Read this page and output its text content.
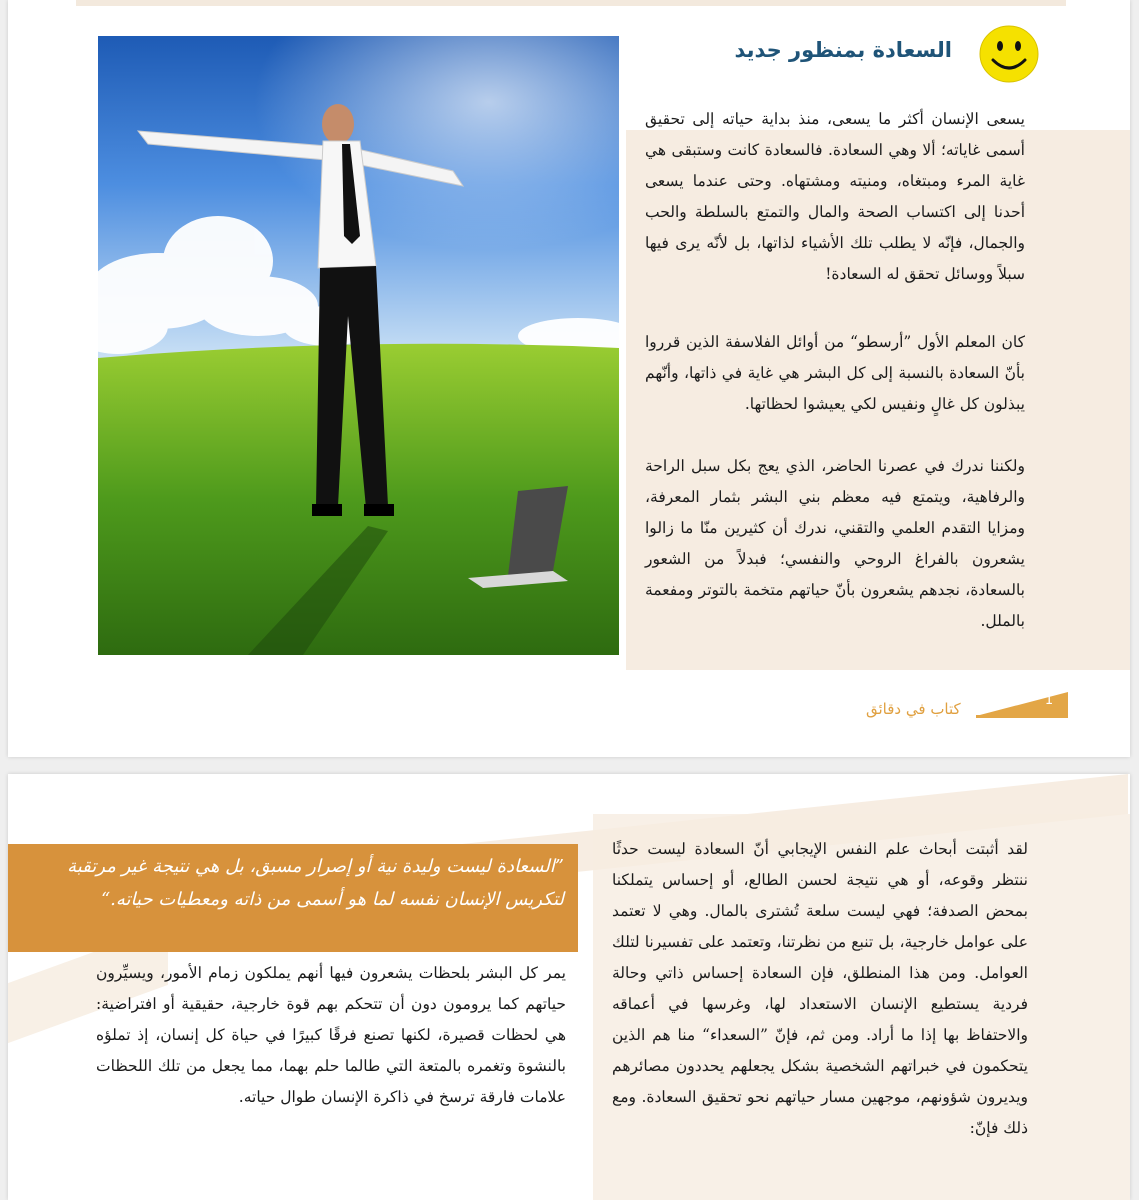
السعادة بمنظور جديد

يسعى الإنسان أكثر ما يسعى، منذ بداية حياته إلى تحقيق أسمى غاياته؛ ألا وهي السعادة. فالسعادة كانت وستبقى هي غاية المرء ومبتغاه، ومنيته ومشتهاه. وحتى عندما يسعى أحدنا إلى اكتساب الصحة والمال والتمتع بالسلطة والحب والجمال، فإنّه لا يطلب تلك الأشياء لذاتها، بل لأنّه يرى فيها سبلاً ووسائل تحقق له السعادة!

كان المعلم الأول ”أرسطو“ من أوائل الفلاسفة الذين قرروا بأنّ السعادة بالنسبة إلى كل البشر هي غاية في ذاتها، وأنّهم يبذلون كل غالٍ ونفيس لكي يعيشوا لحظاتها.

ولكننا ندرك في عصرنا الحاضر، الذي يعج بكل سبل الراحة والرفاهية، ويتمتع فيه معظم بني البشر بثمار المعرفة، ومزايا التقدم العلمي والتقني، ندرك أن كثيرين منّا ما زالوا يشعرون بالفراغ الروحي والنفسي؛ فبدلاً من الشعور بالسعادة، نجدهم يشعرون بأنّ حياتهم متخمة بالتوتر ومفعمة بالملل.

1
كتاب في دقائق

لقد أثبتت أبحاث علم النفس الإيجابي أنّ السعادة ليست حدثًا ننتظر وقوعه، أو هي نتيجة لحسن الطالع، أو إحساس يتملكنا بمحض الصدفة؛ فهي ليست سلعة تُشترى بالمال. وهي لا تعتمد على عوامل خارجية، بل تنبع من نظرتنا، وتعتمد على تفسيرنا لتلك العوامل. ومن هذا المنطلق، فإن السعادة إحساس ذاتي وحالة فردية يستطيع الإنسان الاستعداد لها، وغرسها في أعماقه والاحتفاظ بها إذا ما أراد. ومن ثم، فإنّ ”السعداء“ منا هم الذين يتحكمون في خبراتهم الشخصية بشكل يجعلهم يحددون مصائرهم ويديرون شؤونهم، موجهين مسار حياتهم نحو تحقيق السعادة. ومع ذلك فإنّ:

”السعادة ليست وليدة نية أو إصرار مسبق، بل هي نتيجة غير مرتقبة لتكريس الإنسان نفسه لما هو أسمى من ذاته ومعطيات حياته.“

يمر كل البشر بلحظات يشعرون فيها أنهم يملكون زمام الأمور، ويسيِّرون حياتهم كما يرومون دون أن تتحكم بهم قوة خارجية، حقيقية أو افتراضية: هي لحظات قصيرة، لكنها تصنع فرقًا كبيرًا في حياة كل إنسان، إذ تملؤه بالنشوة وتغمره بالمتعة التي طالما حلم بهما، مما يجعل من تلك اللحظات علامات فارقة ترسخ في ذاكرة الإنسان طوال حياته.
